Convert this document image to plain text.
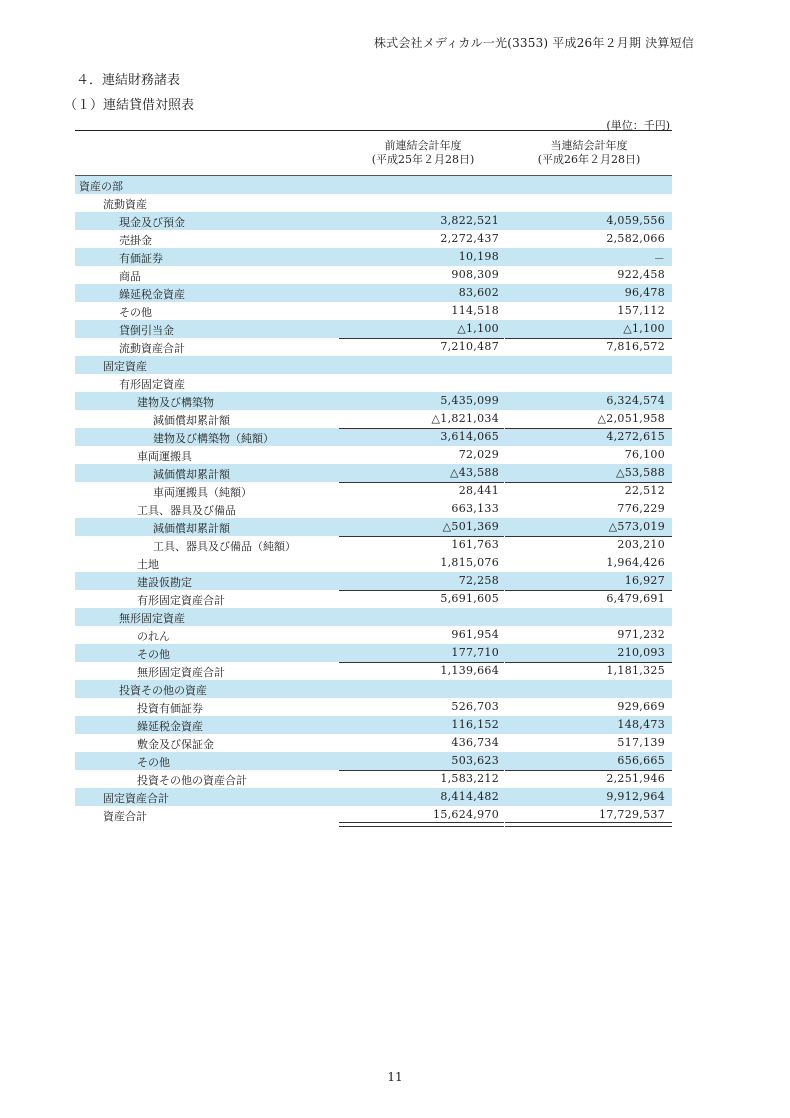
株式会社メディカル一光(3353) 平成26年２月期 決算短信
４．連結財務諸表
（１）連結貸借対照表
(単位：千円)
前連結会計年度
(平成25年２月28日)
当連結会計年度
(平成26年２月28日)
資産の部
流動資産
現金及び預金	3,822,521	4,059,556
売掛金	2,272,437	2,582,066
有価証券	10,198	－
商品	908,309	922,458
繰延税金資産	83,602	96,478
その他	114,518	157,112
貸倒引当金	△1,100	△1,100
流動資産合計	7,210,487	7,816,572
固定資産
有形固定資産
建物及び構築物	5,435,099	6,324,574
減価償却累計額	△1,821,034	△2,051,958
建物及び構築物（純額）	3,614,065	4,272,615
車両運搬具	72,029	76,100
減価償却累計額	△43,588	△53,588
車両運搬具（純額）	28,441	22,512
工具、器具及び備品	663,133	776,229
減価償却累計額	△501,369	△573,019
工具、器具及び備品（純額）	161,763	203,210
土地	1,815,076	1,964,426
建設仮勘定	72,258	16,927
有形固定資産合計	5,691,605	6,479,691
無形固定資産
のれん	961,954	971,232
その他	177,710	210,093
無形固定資産合計	1,139,664	1,181,325
投資その他の資産
投資有価証券	526,703	929,669
繰延税金資産	116,152	148,473
敷金及び保証金	436,734	517,139
その他	503,623	656,665
投資その他の資産合計	1,583,212	2,251,946
固定資産合計	8,414,482	9,912,964
資産合計	15,624,970	17,729,537
11
